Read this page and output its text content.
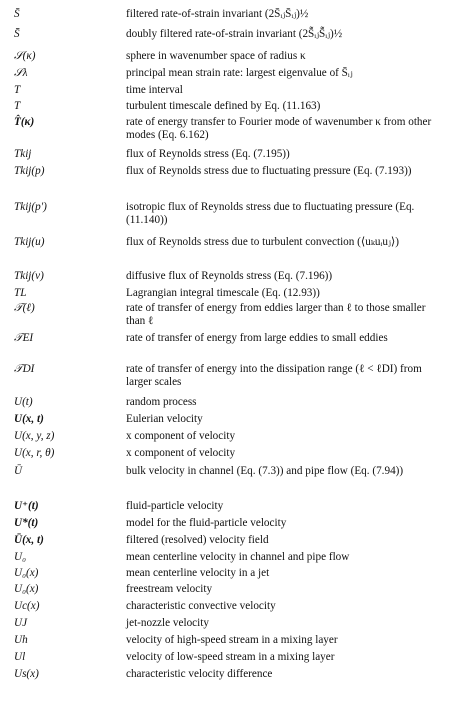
S̄	filtered rate-of-strain invariant (2S̄ᵢⱼS̄ᵢⱼ)½
S̄̄	doubly filtered rate-of-strain invariant (2S̃̄ᵢⱼS̃̄ᵢⱼ)½
𝒮(κ)	sphere in wavenumber space of radius κ
𝒮λ	principal mean strain rate: largest eigenvalue of S̄ᵢⱼ
T	time interval
T	turbulent timescale defined by Eq. (11.163)
T̂(κ)	rate of energy transfer to Fourier mode of wavenumber κ from other modes (Eq. 6.162)
Tkij	flux of Reynolds stress (Eq. (7.195))
Tkij(p)	flux of Reynolds stress due to fluctuating pressure (Eq. (7.193))
Tkij(p′)	isotropic flux of Reynolds stress due to fluctuating pressure (Eq. (11.140))
Tkij(u)	flux of Reynolds stress due to turbulent convection (⟨uₖuᵢuⱼ⟩)
Tkij(ν)	diffusive flux of Reynolds stress (Eq. (7.196))
TL	Lagrangian integral timescale (Eq. (12.93))
𝒯(ℓ)	rate of transfer of energy from eddies larger than ℓ to those smaller than ℓ
𝒯EI	rate of transfer of energy from large eddies to small eddies
𝒯DI	rate of transfer of energy into the dissipation range (ℓ < ℓDI) from larger scales
U(t)	random process
U(x, t)	Eulerian velocity
U(x, y, z)	x component of velocity
U(x, r, θ)	x component of velocity
Ū	bulk velocity in channel (Eq. (7.3)) and pipe flow (Eq. (7.94))
U⁺(t)	fluid-particle velocity
U*(t)	model for the fluid-particle velocity
Ū(x, t)	filtered (resolved) velocity field
U₀	mean centerline velocity in channel and pipe flow
U₀(x)	mean centerline velocity in a jet
U₀(x)	freestream velocity
Uc(x)	characteristic convective velocity
UJ	jet-nozzle velocity
Uh	velocity of high-speed stream in a mixing layer
Ul	velocity of low-speed stream in a mixing layer
Us(x)	characteristic velocity difference
